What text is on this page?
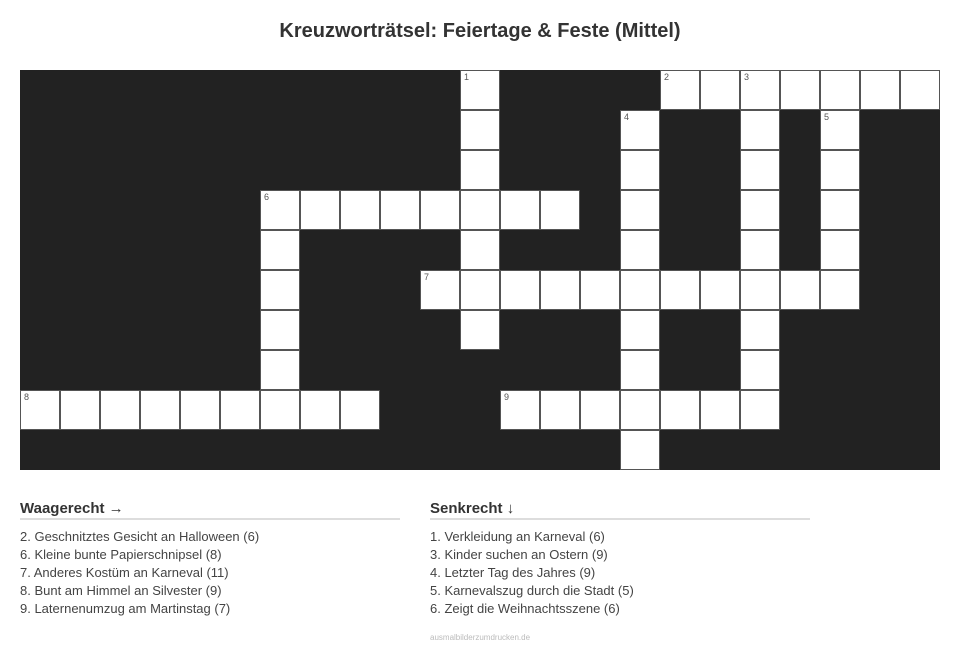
Kreuzworträtsel: Feiertage & Feste (Mittel)
1	2	3
4	5
6
7
8	9
Waagerecht →
2. Geschnitztes Gesicht an Halloween (6)
6. Kleine bunte Papierschnipsel (8)
7. Anderes Kostüm an Karneval (11)
8. Bunt am Himmel an Silvester (9)
9. Laternenumzug am Martinstag (7)
Senkrecht ↓
1. Verkleidung an Karneval (6)
3. Kinder suchen an Ostern (9)
4. Letzter Tag des Jahres (9)
5. Karnevalszug durch die Stadt (5)
6. Zeigt die Weihnachtsszene (6)
ausmalbilderzumdrucken.de
